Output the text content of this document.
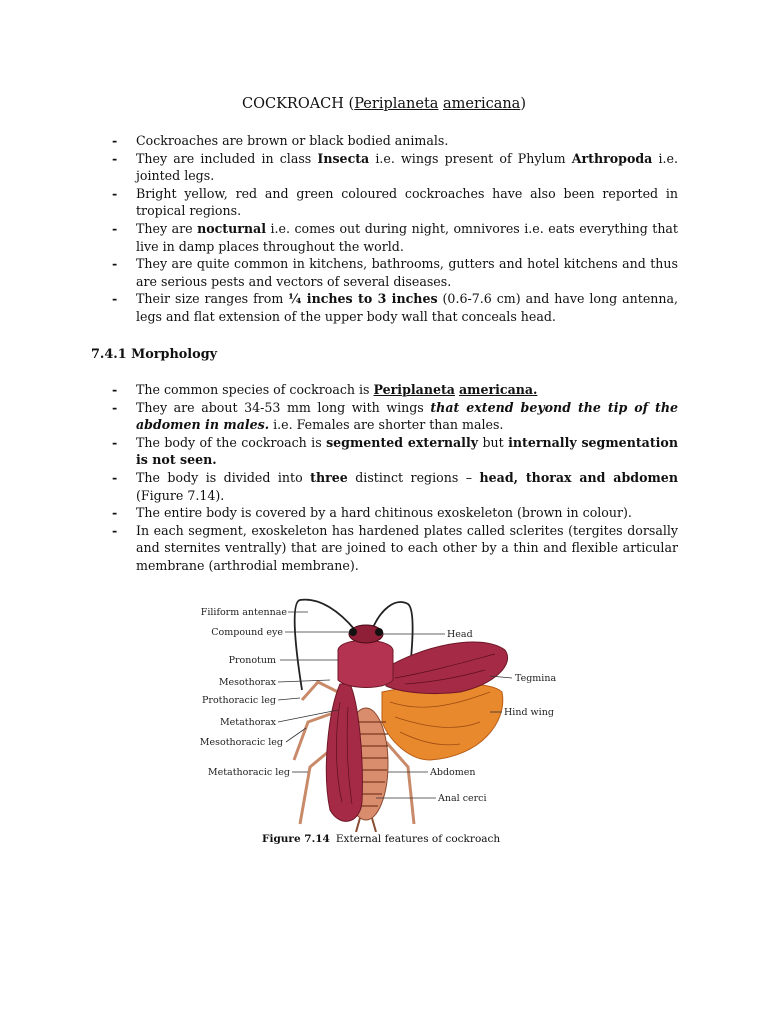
COCKROACH (Periplaneta americana)
- Cockroaches are brown or black bodied animals.
- They are included in class Insecta i.e. wings present of Phylum Arthropoda i.e. jointed legs.
- Bright yellow, red and green coloured cockroaches have also been reported in tropical regions.
- They are nocturnal i.e. comes out during night, omnivores i.e. eats everything that live in damp places throughout the world.
- They are quite common in kitchens, bathrooms, gutters and hotel kitchens and thus are serious pests and vectors of several diseases.
- Their size ranges from ¼ inches to 3 inches (0.6-7.6 cm) and have long antenna, legs and flat extension of the upper body wall that conceals head.
7.4.1 Morphology
- The common species of cockroach is Periplaneta americana.
- They are about 34-53 mm long with wings that extend beyond the tip of the abdomen in males. i.e. Females are shorter than males.
- The body of the cockroach is segmented externally but internally segmentation is not seen.
- The body is divided into three distinct regions – head, thorax and abdomen (Figure 7.14).
- The entire body is covered by a hard chitinous exoskeleton (brown in colour).
- In each segment, exoskeleton has hardened plates called sclerites (tergites dorsally and sternites ventrally) that are joined to each other by a thin and flexible articular membrane (arthrodial membrane).
Filiform antennae
Compound eye
Pronotum
Mesothorax
Prothoracic leg
Metathorax
Mesothoracic leg
Metathoracic leg
Head
Tegmina
Hind wing
Abdomen
Anal cerci
Figure 7.14 External features of cockroach
